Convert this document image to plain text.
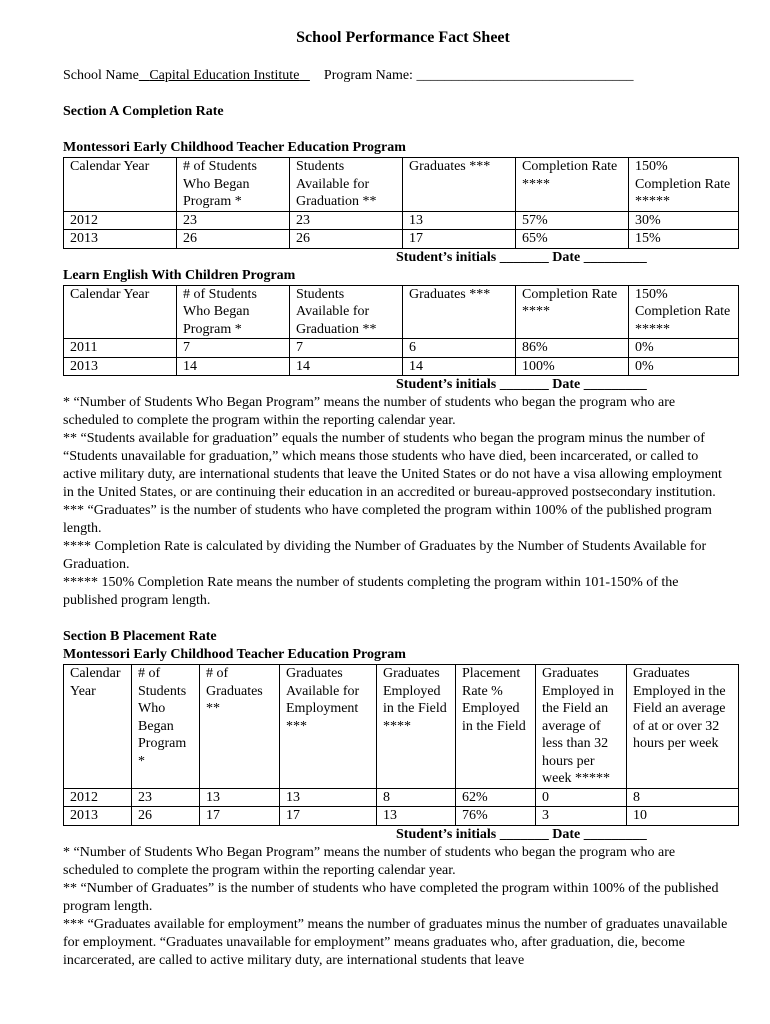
School Performance Fact Sheet
School Name Capital Education Institute Program Name: _______________________________
Section A Completion Rate
Montessori Early Childhood Teacher Education Program
Calendar Year	# of Students Who Began Program *	Students Available for Graduation **	Graduates ***	Completion Rate ****	150% Completion Rate *****
2012	23	23	13	57%	30%
2013	26	26	17	65%	15%
Student’s initials _______ Date _________
Learn English With Children Program
Calendar Year	# of Students Who Began Program *	Students Available for Graduation **	Graduates ***	Completion Rate ****	150% Completion Rate *****
2011	7	7	6	86%	0%
2013	14	14	14	100%	0%
Student’s initials _______ Date _________
* “Number of Students Who Began Program” means the number of students who began the program who are scheduled to complete the program within the reporting calendar year.
** “Students available for graduation” equals the number of students who began the program minus the number of “Students unavailable for graduation,” which means those students who have died, been incarcerated, or called to active military duty, are international students that leave the United States or do not have a visa allowing employment in the United States, or are continuing their education in an accredited or bureau-approved postsecondary institution.
*** “Graduates” is the number of students who have completed the program within 100% of the published program length.
**** Completion Rate is calculated by dividing the Number of Graduates by the Number of Students Available for Graduation.
***** 150% Completion Rate means the number of students completing the program within 101-150% of the published program length.
Section B Placement Rate
Montessori Early Childhood Teacher Education Program
Calendar Year	# of Students Who Began Program *	# of Graduates **	Graduates Available for Employment ***	Graduates Employed in the Field ****	Placement Rate % Employed in the Field	Graduates Employed in the Field an average of less than 32 hours per week *****	Graduates Employed in the Field an average of at or over 32 hours per week
2012	23	13	13	8	62%	0	8
2013	26	17	17	13	76%	3	10
Student’s initials _______ Date _________
* “Number of Students Who Began Program” means the number of students who began the program who are scheduled to complete the program within the reporting calendar year.
** “Number of Graduates” is the number of students who have completed the program within 100% of the published program length.
*** “Graduates available for employment” means the number of graduates minus the number of graduates unavailable for employment. “Graduates unavailable for employment” means graduates who, after graduation, die, become incarcerated, are called to active military duty, are international students that leave
